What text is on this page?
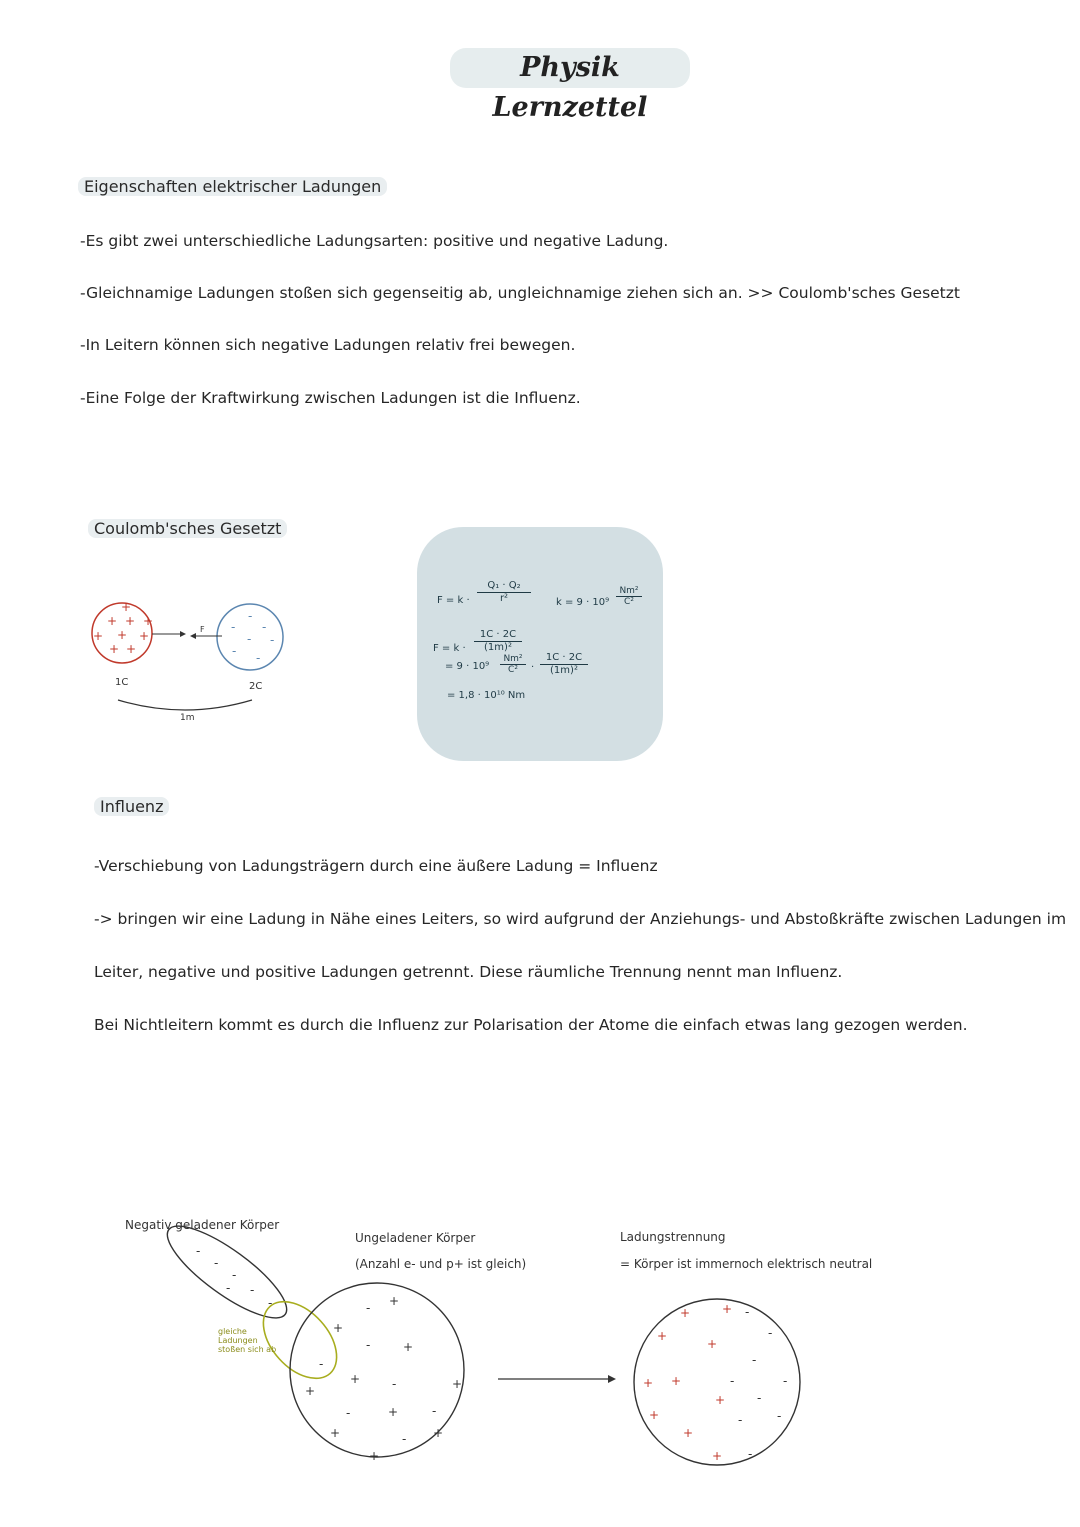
Physik Lernzettel
Eigenschaften elektrischer Ladungen
-Es gibt zwei unterschiedliche Ladungsarten: positive und negative Ladung.
-Gleichnamige Ladungen stoßen sich gegenseitig ab, ungleichnamige ziehen sich an. >> Coulomb'sches Gesetzt
-In Leitern können sich negative Ladungen relativ frei bewegen.
-Eine Folge der Kraftwirkung zwischen Ladungen ist die Influenz.
Coulomb'sches Gesetzt
+
+ + +
+ + +
+ +
-
- -
- -
- -
1C	2C
1m
F
F = k ·
Q₁ · Q₂
r²	k = 9 · 10⁹
Nm²
C²
F = k ·
1C · 2C
(1m)²
= 9 · 10⁹
Nm²
C²	·
1C · 2C
(1m)²
= 1,8 · 10¹⁰ Nm
Influenz
-Verschiebung von Ladungsträgern durch eine äußere Ladung = Influenz
-> bringen wir eine Ladung in Nähe eines Leiters, so wird aufgrund der Anziehungs- und Abstoßkräfte zwischen Ladungen im
Leiter, negative und positive Ladungen getrennt. Diese räumliche Trennung nennt man Influenz.
Bei Nichtleitern kommt es durch die Influenz zur Polarisation der Atome die einfach etwas lang gezogen werden.
Negativ geladener Körper
Ungeladener Körper
(Anzahl e- und p+ ist gleich)
Ladungstrennung
= Körper ist immernoch elektrisch neutral
gleiche
Ladungen
stoßen sich ab
-
-
-
-
-
-
+
-
+
-	+
-
+	-	+
+
-	+	-
+	- +
+
+	+ -
+
+
-
-
+ +	-	-
+	-
+	-	-
+
+ -
